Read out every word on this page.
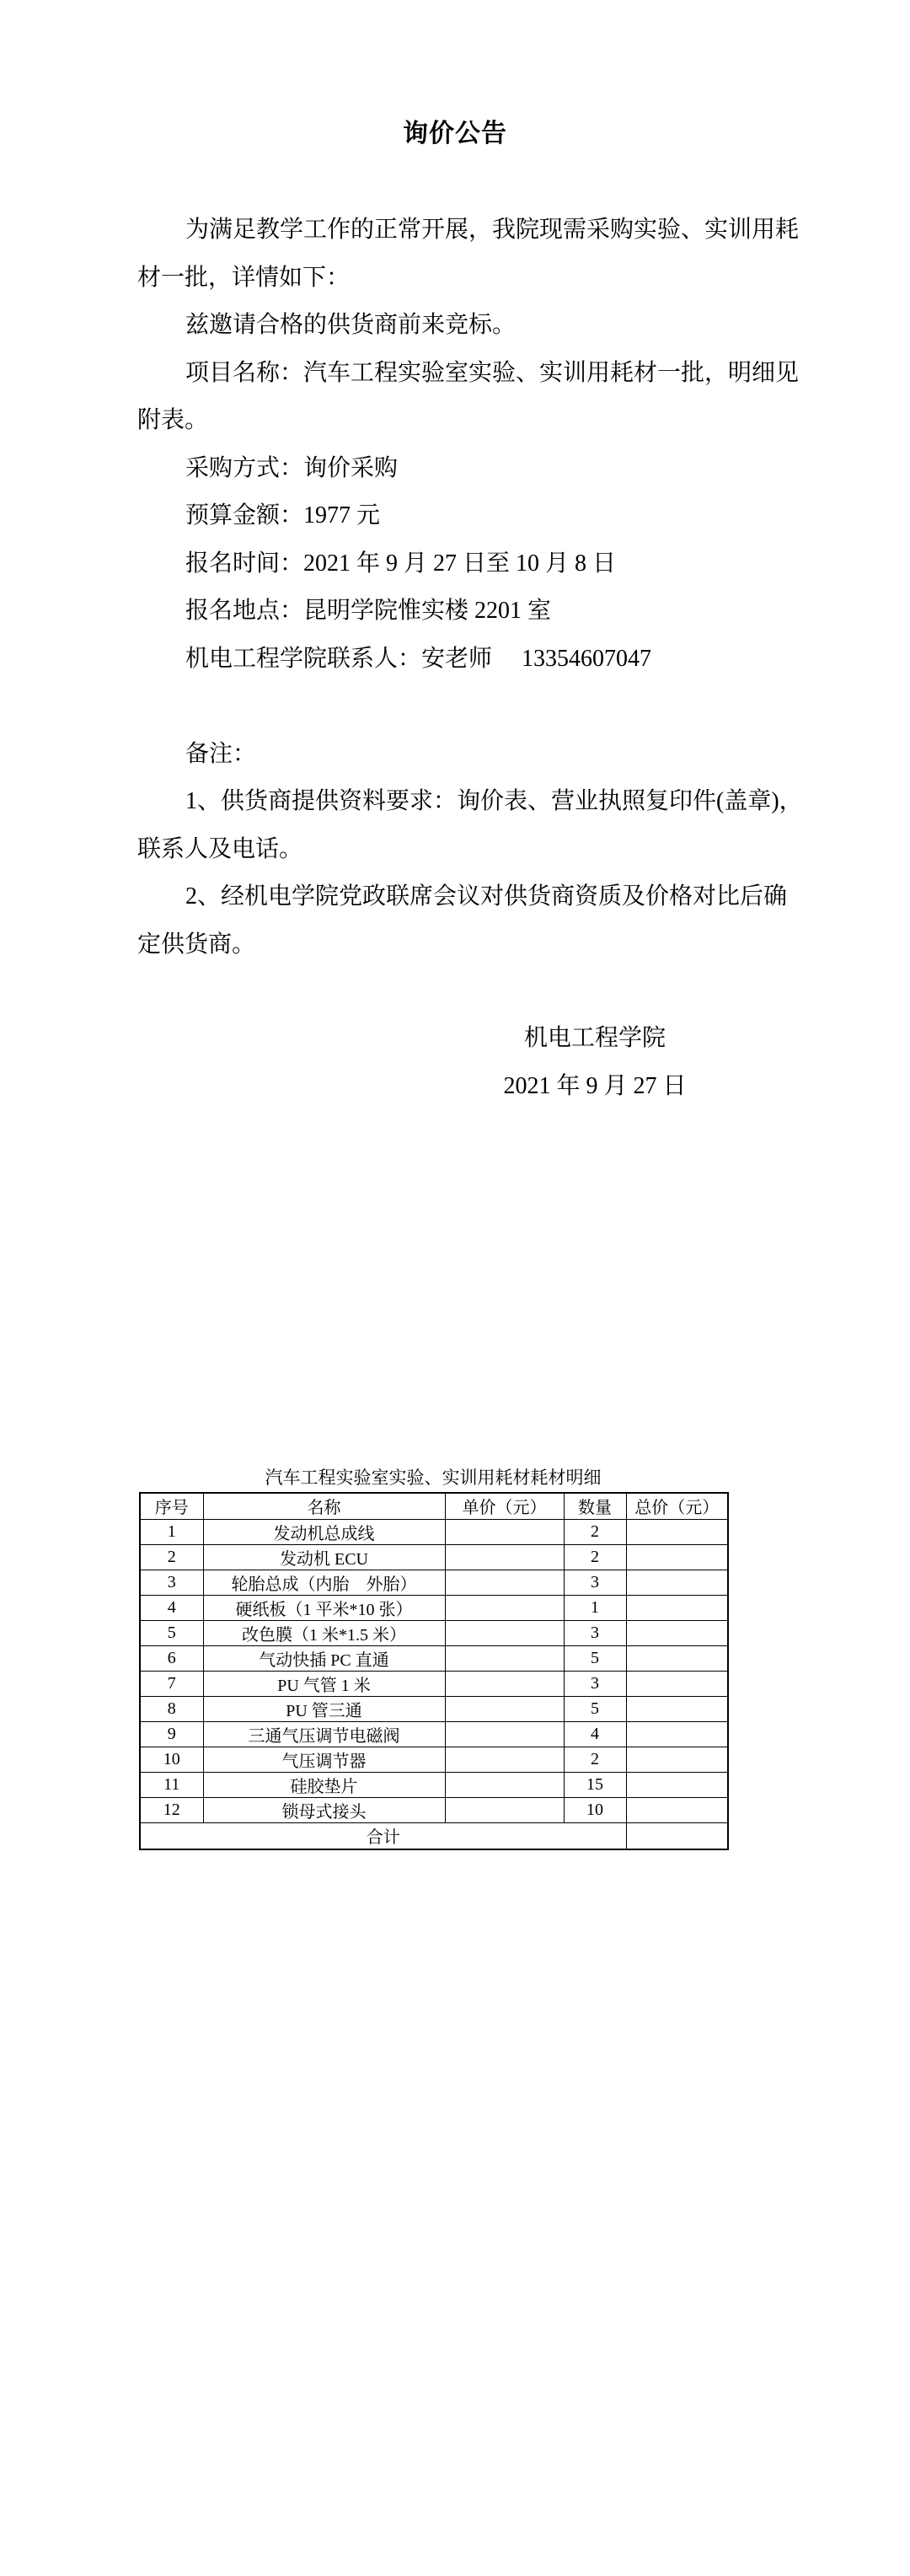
询价公告
为满足教学工作的正常开展，我院现需采购实验、实训用耗
材一批，详情如下：
兹邀请合格的供货商前来竞标。
项目名称：汽车工程实验室实验、实训用耗材一批，明细见
附表。
采购方式：询价采购
预算金额：1977 元
报名时间：2021 年 9 月 27 日至 10 月 8 日
报名地点：昆明学院惟实楼 2201 室
机电工程学院联系人：安老师　 13354607047
备注：
1、供货商提供资料要求：询价表、营业执照复印件(盖章)，
联系人及电话。
2、经机电学院党政联席会议对供货商资质及价格对比后确
定供货商。
机电工程学院
2021 年 9 月 27 日
汽车工程实验室实验、实训用耗材耗材明细
序号	名称	单价（元）	数量	总价（元）
1	发动机总成线		2	
2	发动机 ECU		2	
3	轮胎总成（内胎　外胎）		3	
4	硬纸板（1 平米*10 张）		1	
5	改色膜（1 米*1.5 米）		3	
6	气动快插 PC 直通		5	
7	PU 气管 1 米		3	
8	PU 管三通		5	
9	三通气压调节电磁阀		4	
10	气压调节器		2	
11	硅胶垫片		15	
12	锁母式接头		10	
合计				
